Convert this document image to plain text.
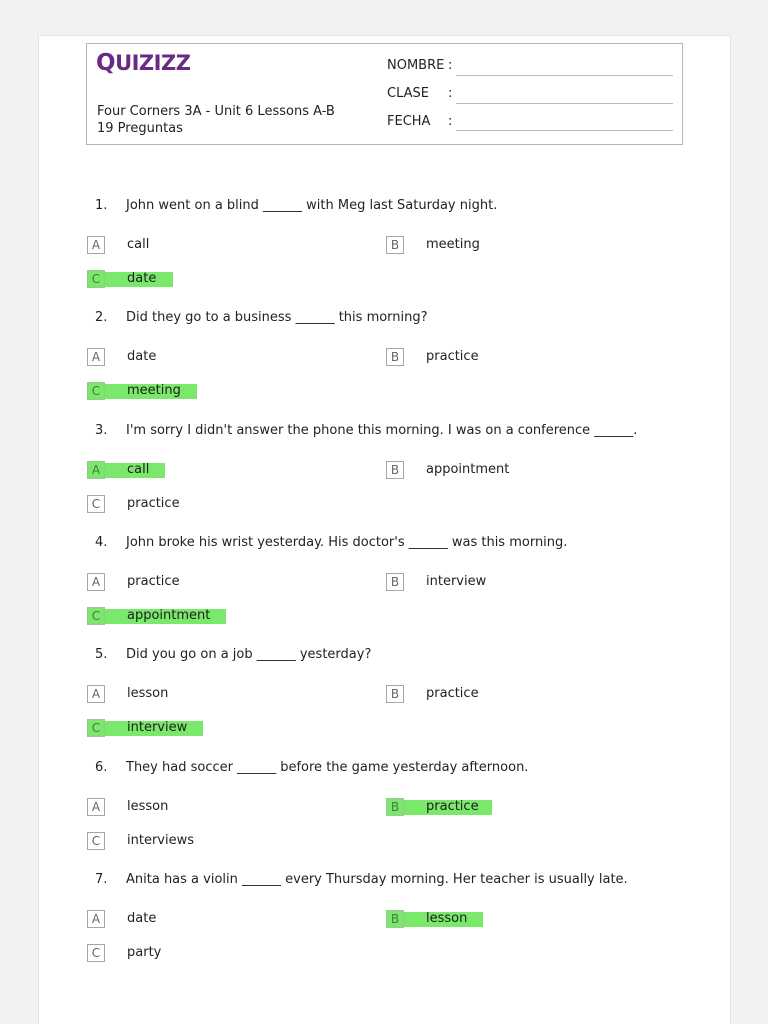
QUIZIZZ
Four Corners 3A - Unit 6 Lessons A-B
19 Preguntas
NOMBRE :
CLASE :
FECHA :
1. John went on a blind ______ with Meg last Saturday night.
A	call	B	meeting
C	date
2. Did they go to a business ______ this morning?
A	date	B	practice
C	meeting
3. I'm sorry I didn't answer the phone this morning. I was on a conference ______.
A	call	B	appointment
C	practice
4. John broke his wrist yesterday. His doctor's ______ was this morning.
A	practice	B	interview
C	appointment
5. Did you go on a job ______ yesterday?
A	lesson	B	practice
C	interview
6. They had soccer ______ before the game yesterday afternoon.
A	lesson	B	practice
C	interviews
7. Anita has a violin ______ every Thursday morning. Her teacher is usually late.
A	date	B	lesson
C	party
